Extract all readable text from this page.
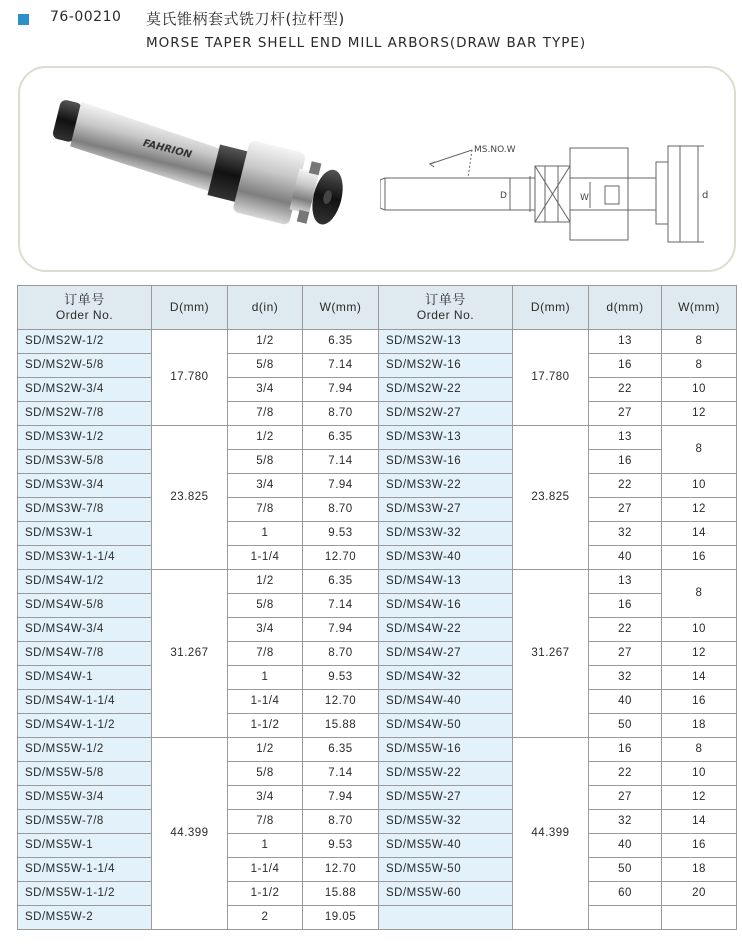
76-00210 莫氏锥柄套式铣刀杆(拉杆型)
MORSE TAPER SHELL END MILL ARBORS(DRAW BAR TYPE)
FAHRION	MS.NO.W
D	W	d
订单号
Order No.	D(mm)	d(in)	W(mm)	订单号
Order No.	D(mm)	d(mm)	W(mm)

SD/MS2W-1/2	17.780	1/2	6.35	SD/MS2W-13	17.780	13	8
SD/MS2W-5/8		5/8	7.14	SD/MS2W-16		16	8
SD/MS2W-3/4		3/4	7.94	SD/MS2W-22		22	10
SD/MS2W-7/8		7/8	8.70	SD/MS2W-27		27	12
SD/MS3W-1/2	23.825	1/2	6.35	SD/MS3W-13	23.825	13	8
SD/MS3W-5/8		5/8	7.14	SD/MS3W-16		16	
SD/MS3W-3/4		3/4	7.94	SD/MS3W-22		22	10
SD/MS3W-7/8		7/8	8.70	SD/MS3W-27		27	12
SD/MS3W-1		1	9.53	SD/MS3W-32		32	14
SD/MS3W-1-1/4		1-1/4	12.70	SD/MS3W-40		40	16
SD/MS4W-1/2	31.267	1/2	6.35	SD/MS4W-13	31.267	13	8
SD/MS4W-5/8		5/8	7.14	SD/MS4W-16		16	
SD/MS4W-3/4		3/4	7.94	SD/MS4W-22		22	10
SD/MS4W-7/8		7/8	8.70	SD/MS4W-27		27	12
SD/MS4W-1		1	9.53	SD/MS4W-32		32	14
SD/MS4W-1-1/4		1-1/4	12.70	SD/MS4W-40		40	16
SD/MS4W-1-1/2		1-1/2	15.88	SD/MS4W-50		50	18
SD/MS5W-1/2	44.399	1/2	6.35	SD/MS5W-16	44.399	16	8
SD/MS5W-5/8		5/8	7.14	SD/MS5W-22		22	10
SD/MS5W-3/4		3/4	7.94	SD/MS5W-27		27	12
SD/MS5W-7/8		7/8	8.70	SD/MS5W-32		32	14
SD/MS5W-1		1	9.53	SD/MS5W-40		40	16
SD/MS5W-1-1/4		1-1/4	12.70	SD/MS5W-50		50	18
SD/MS5W-1-1/2		1-1/2	15.88	SD/MS5W-60		60	20
SD/MS5W-2		2	19.05				
